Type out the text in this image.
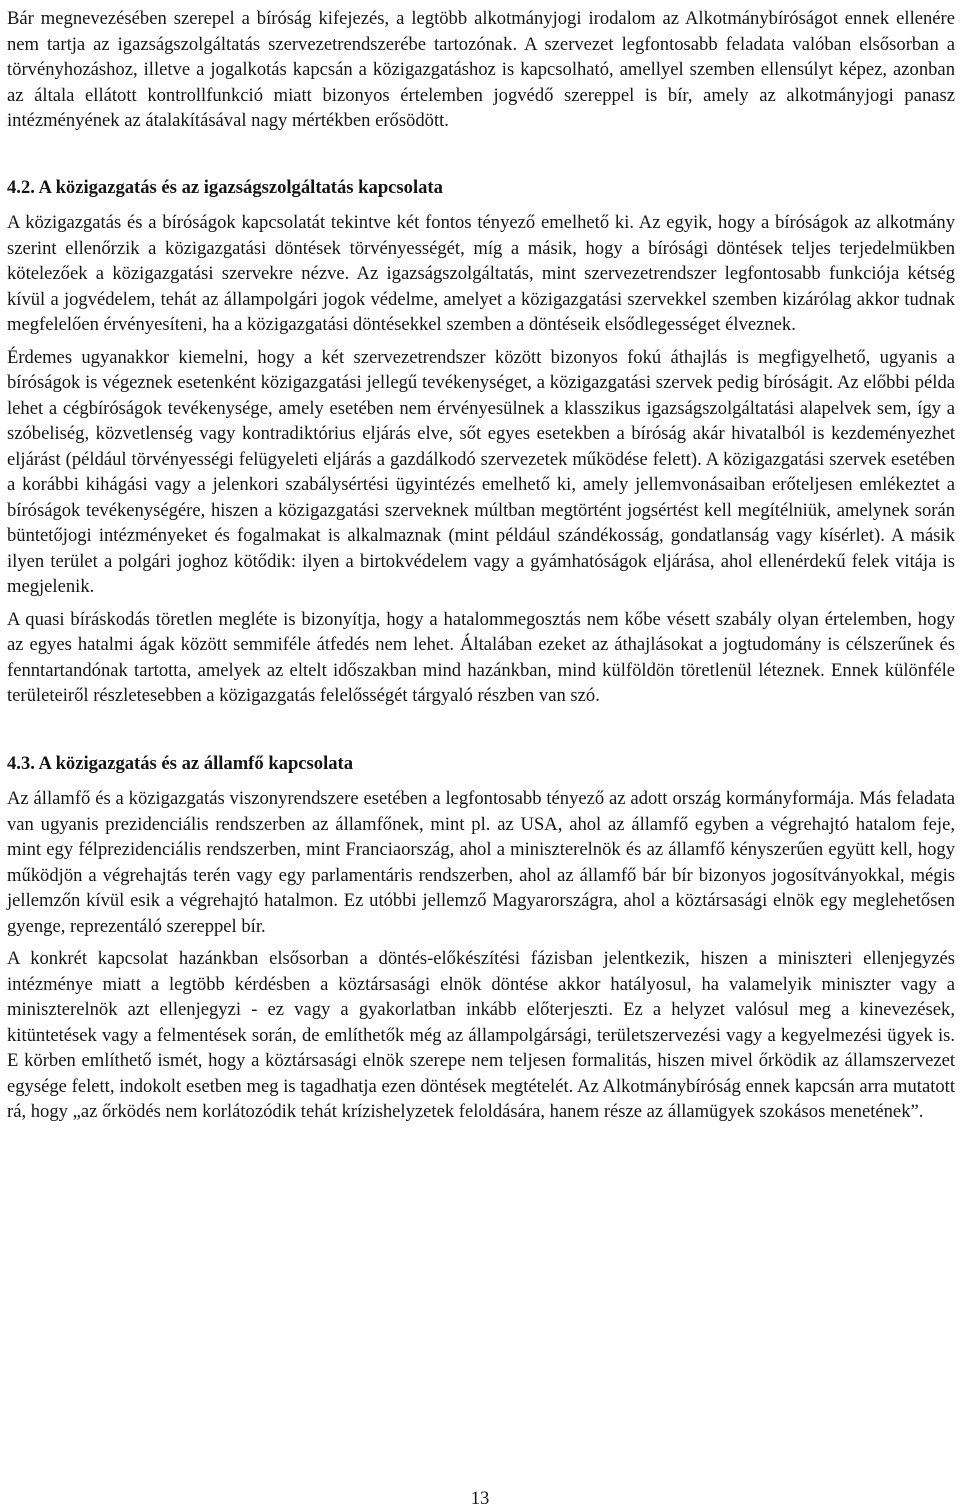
Bár megnevezésében szerepel a bíróság kifejezés, a legtöbb alkotmányjogi irodalom az Alkotmánybíróságot ennek ellenére nem tartja az igazságszolgáltatás szervezetrendszerébe tartozónak. A szervezet legfontosabb feladata valóban elsősorban a törvényhozáshoz, illetve a jogalkotás kapcsán a közigazgatáshoz is kapcsolható, amellyel szemben ellensúlyt képez, azonban az általa ellátott kontrollfunkció miatt bizonyos értelemben jogvédő szereppel is bír, amely az alkotmányjogi panasz intézményének az átalakításával nagy mértékben erősödött.

4.2. A közigazgatás és az igazságszolgáltatás kapcsolata

A közigazgatás és a bíróságok kapcsolatát tekintve két fontos tényező emelhető ki. Az egyik, hogy a bíróságok az alkotmány szerint ellenőrzik a közigazgatási döntések törvényességét, míg a másik, hogy a bírósági döntések teljes terjedelmükben kötelezőek a közigazgatási szervekre nézve. Az igazságszolgáltatás, mint szervezetrendszer legfontosabb funkciója kétség kívül a jogvédelem, tehát az állampolgári jogok védelme, amelyet a közigazgatási szervekkel szemben kizárólag akkor tudnak megfelelően érvényesíteni, ha a közigazgatási döntésekkel szemben a döntéseik elsődlegességet élveznek.

Érdemes ugyanakkor kiemelni, hogy a két szervezetrendszer között bizonyos fokú áthajlás is megfigyelhető, ugyanis a bíróságok is végeznek esetenként közigazgatási jellegű tevékenységet, a közigazgatási szervek pedig bíróságit. Az előbbi példa lehet a cégbíróságok tevékenysége, amely esetében nem érvényesülnek a klasszikus igazságszolgáltatási alapelvek sem, így a szóbeliség, közvetlenség vagy kontradiktórius eljárás elve, sőt egyes esetekben a bíróság akár hivatalból is kezdeményezhet eljárást (például törvényességi felügyeleti eljárás a gazdálkodó szervezetek működése felett). A közigazgatási szervek esetében a korábbi kihágási vagy a jelenkori szabálysértési ügyintézés emelhető ki, amely jellemvonásaiban erőteljesen emlékeztet a bíróságok tevékenységére, hiszen a közigazgatási szerveknek múltban megtörtént jogsértést kell megítélniük, amelynek során büntetőjogi intézményeket és fogalmakat is alkalmaznak (mint például szándékosság, gondatlanság vagy kísérlet). A másik ilyen terület a polgári joghoz kötődik: ilyen a birtokvédelem vagy a gyámhatóságok eljárása, ahol ellenérdekű felek vitája is megjelenik.

A quasi bíráskodás töretlen megléte is bizonyítja, hogy a hatalommegosztás nem kőbe vésett szabály olyan értelemben, hogy az egyes hatalmi ágak között semmiféle átfedés nem lehet. Általában ezeket az áthajlásokat a jogtudomány is célszerűnek és fenntartandónak tartotta, amelyek az eltelt időszakban mind hazánkban, mind külföldön töretlenül léteznek. Ennek különféle területeiről részletesebben a közigazgatás felelősségét tárgyaló részben van szó.

4.3. A közigazgatás és az államfő kapcsolata

Az államfő és a közigazgatás viszonyrendszere esetében a legfontosabb tényező az adott ország kormányformája. Más feladata van ugyanis prezidenciális rendszerben az államfőnek, mint pl. az USA, ahol az államfő egyben a végrehajtó hatalom feje, mint egy félprezidenciális rendszerben, mint Franciaország, ahol a miniszterelnök és az államfő kényszerűen együtt kell, hogy működjön a végrehajtás terén vagy egy parlamentáris rendszerben, ahol az államfő bár bír bizonyos jogosítványokkal, mégis jellemzőn kívül esik a végrehajtó hatalmon. Ez utóbbi jellemző Magyarországra, ahol a köztársasági elnök egy meglehetősen gyenge, reprezentáló szereppel bír.

A konkrét kapcsolat hazánkban elsősorban a döntés-előkészítési fázisban jelentkezik, hiszen a miniszteri ellenjegyzés intézménye miatt a legtöbb kérdésben a köztársasági elnök döntése akkor hatályosul, ha valamelyik miniszter vagy a miniszterelnök azt ellenjegyzi - ez vagy a gyakorlatban inkább előterjeszti. Ez a helyzet valósul meg a kinevezések, kitüntetések vagy a felmentések során, de említhetők még az állampolgársági, területszervezési vagy a kegyelmezési ügyek is. E körben említhető ismét, hogy a köztársasági elnök szerepe nem teljesen formalitás, hiszen mivel őrködik az államszervezet egysége felett, indokolt esetben meg is tagadhatja ezen döntések megtételét. Az Alkotmánybíróság ennek kapcsán arra mutatott rá, hogy „az őrködés nem korlátozódik tehát krízishelyzetek feloldására, hanem része az államügyek szokásos menetének”.

13
